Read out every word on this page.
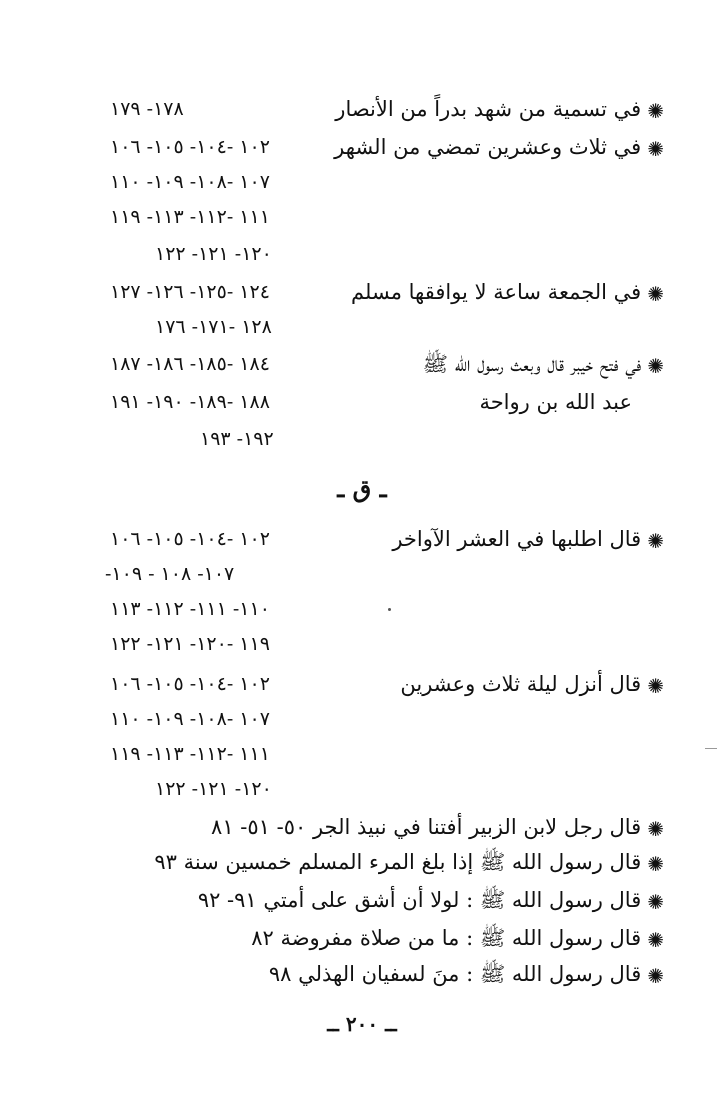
✺في تسمية من شهد بدراً من الأنصار
١٧٨- ١٧٩
✺في ثلاث وعشرين تمضي من الشهر
١٠٢ -١٠٤- ١٠٥- ١٠٦
١٠٧ -١٠٨- ١٠٩- ١١٠
١١١ -١١٢- ١١٣- ١١٩
١٢٠- ١٢١- ١٢٢
✺في الجمعة ساعة لا يوافقها مسلم
١٢٤ -١٢٥- ١٢٦- ١٢٧
١٢٨ -١٧١- ١٧٦
✺في فتح خيبر قال وبعث رسول الله ﷺ
١٨٤ -١٨٥- ١٨٦- ١٨٧
عبد الله بن رواحة
١٨٨ -١٨٩- ١٩٠- ١٩١
١٩٢- ١٩٣
ـ ق ـ
✺قال اطلبها في العشر الآواخر
١٠٢ -١٠٤- ١٠٥- ١٠٦
١٠٧- ١٠٨ - ١٠٩-
١١٠- ١١١- ١١٢- ١١٣
١١٩ -١٢٠- ١٢١- ١٢٢
✺قال أنزل ليلة ثلاث وعشرين
١٠٢ -١٠٤- ١٠٥- ١٠٦
١٠٧ -١٠٨- ١٠٩- ١١٠
١١١ -١١٢- ١١٣- ١١٩
١٢٠- ١٢١- ١٢٢
✺قال رجل لابن الزبير أفتنا في نبيذ الجر ٥٠- ٥١- ٨١
✺قال رسول الله ﷺ إذا بلغ المرء المسلم خمسين سنة ٩٣
✺قال رسول الله ﷺ : لولا أن أشق على أمتي ٩١- ٩٢
✺قال رسول الله ﷺ : ما من صلاة مفروضة ٨٢
✺قال رسول الله ﷺ : منَ لسفيان الهذلي ٩٨
ــ ٢٠٠ ــ
